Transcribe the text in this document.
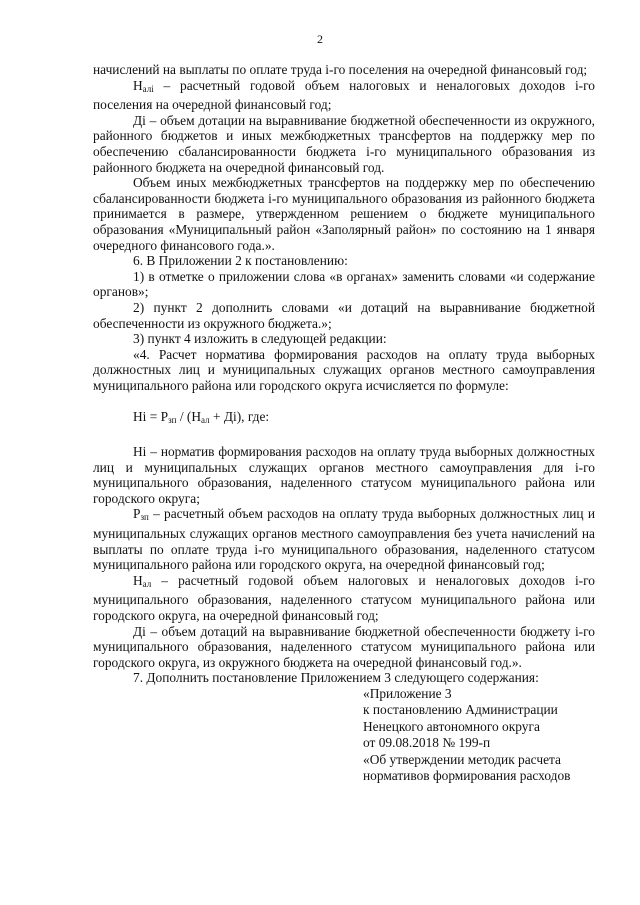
2

начислений на выплаты по оплате труда i-го поселения на очередной финансовый год;

$Н_{алi}$ – расчетный годовой объем налоговых и неналоговых доходов i-го поселения на очередной финансовый год;

Дi – объем дотации на выравнивание бюджетной обеспеченности из окружного, районного бюджетов и иных межбюджетных трансфертов на поддержку мер по обеспечению сбалансированности бюджета i-го муниципального образования из районного бюджета на очередной финансовый год.

Объем иных межбюджетных трансфертов на поддержку мер по обеспечению сбалансированности бюджета i-го муниципального образования из районного бюджета принимается в размере, утвержденном решением о бюджете муниципального образования «Муниципальный район «Заполярный район» по состоянию на 1 января очередного финансового года.».

6. В Приложении 2 к постановлению:

1) в отметке о приложении слова «в органах» заменить словами «и содержание органов»;

2) пункт 2 дополнить словами «и дотаций на выравнивание бюджетной обеспеченности из окружного бюджета.»;

3) пункт 4 изложить в следующей редакции:

«4. Расчет норматива формирования расходов на оплату труда выборных должностных лиц и муниципальных служащих органов местного самоуправления муниципального района или городского округа исчисляется по формуле:

Нi = $Р_{зп} / (Н_{ал} + Дi)$, где:

Нi – норматив формирования расходов на оплату труда выборных должностных лиц и муниципальных служащих органов местного самоуправления для i-го муниципального образования, наделенного статусом муниципального района или городского округа;

$Р_{зп}$ – расчетный объем расходов на оплату труда выборных должностных лиц и муниципальных служащих органов местного самоуправления без учета начислений на выплаты по оплате труда i-го муниципального образования, наделенного статусом муниципального района или городского округа, на очередной финансовый год;

$Н_{ал}$ – расчетный годовой объем налоговых и неналоговых доходов i-го муниципального образования, наделенного статусом муниципального района или городского округа, на очередной финансовый год;

Дi – объем дотаций на выравнивание бюджетной обеспеченности бюджету i-го муниципального образования, наделенного статусом муниципального района или городского округа, из окружного бюджета на очередной финансовый год.».

7. Дополнить постановление Приложением 3 следующего содержания:

«Приложение 3
к постановлению Администрации
Ненецкого автономного округа
от 09.08.2018 № 199-п
«Об утверждении методик расчета
нормативов формирования расходов
